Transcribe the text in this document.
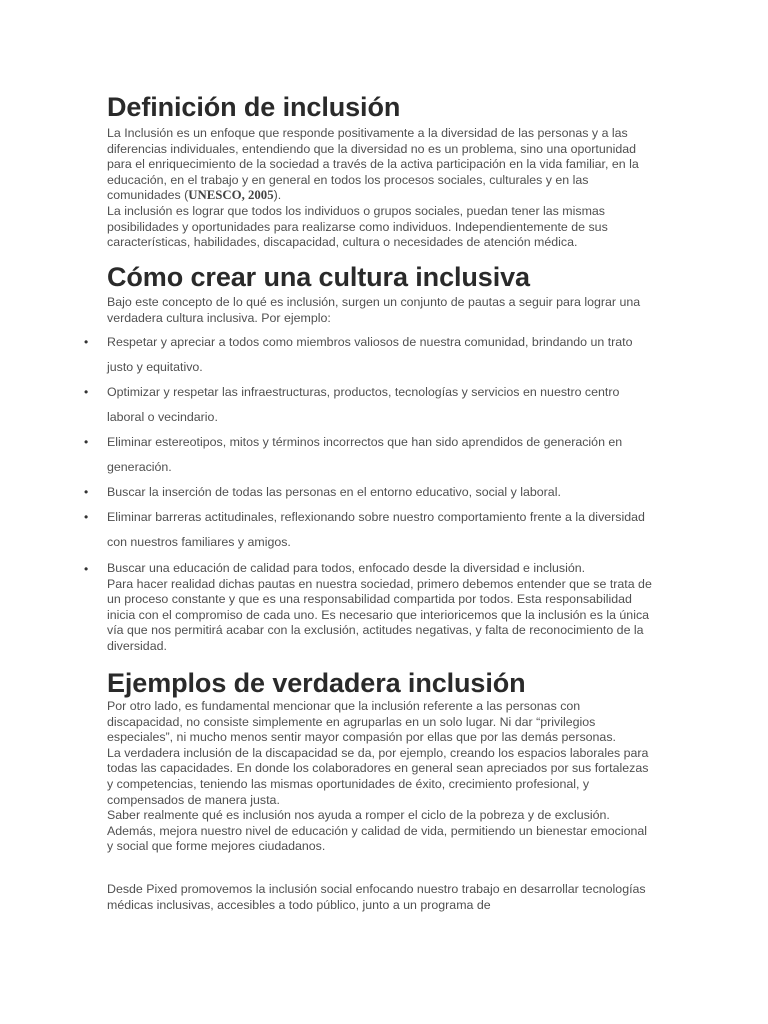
Definición de inclusión

La Inclusión es un enfoque que responde positivamente a la diversidad de las personas y a las diferencias individuales, entendiendo que la diversidad no es un problema, sino una oportunidad para el enriquecimiento de la sociedad a través de la activa participación en la vida familiar, en la educación, en el trabajo y en general en todos los procesos sociales, culturales y en las comunidades (UNESCO, 2005).

La inclusión es lograr que todos los individuos o grupos sociales, puedan tener las mismas posibilidades y oportunidades para realizarse como individuos. Independientemente de sus características, habilidades, discapacidad, cultura o necesidades de atención médica.

Cómo crear una cultura inclusiva

Bajo este concepto de lo qué es inclusión, surgen un conjunto de pautas a seguir para lograr una verdadera cultura inclusiva. Por ejemplo:

• Respetar y apreciar a todos como miembros valiosos de nuestra comunidad, brindando un trato justo y equitativo.
• Optimizar y respetar las infraestructuras, productos, tecnologías y servicios en nuestro centro laboral o vecindario.
• Eliminar estereotipos, mitos y términos incorrectos que han sido aprendidos de generación en generación.
• Buscar la inserción de todas las personas en el entorno educativo, social y laboral.
• Eliminar barreras actitudinales, reflexionando sobre nuestro comportamiento frente a la diversidad con nuestros familiares y amigos.

• Buscar una educación de calidad para todos, enfocado desde la diversidad e inclusión.

Para hacer realidad dichas pautas en nuestra sociedad, primero debemos entender que se trata de un proceso constante y que es una responsabilidad compartida por todos. Esta responsabilidad inicia con el compromiso de cada uno. Es necesario que interioricemos que la inclusión es la única vía que nos permitirá acabar con la exclusión, actitudes negativas, y falta de reconocimiento de la diversidad.

Ejemplos de verdadera inclusión

Por otro lado, es fundamental mencionar que la inclusión referente a las personas con discapacidad, no consiste simplemente en agruparlas en un solo lugar. Ni dar “privilegios especiales”, ni mucho menos sentir mayor compasión por ellas que por las demás personas.

La verdadera inclusión de la discapacidad se da, por ejemplo, creando los espacios laborales para todas las capacidades. En donde los colaboradores en general sean apreciados por sus fortalezas y competencias, teniendo las mismas oportunidades de éxito, crecimiento profesional, y compensados de manera justa.

Saber realmente qué es inclusión nos ayuda a romper el ciclo de la pobreza y de exclusión. Además, mejora nuestro nivel de educación y calidad de vida, permitiendo un bienestar emocional y social que forme mejores ciudadanos.

Desde Pixed promovemos la inclusión social enfocando nuestro trabajo en desarrollar tecnologías médicas inclusivas, accesibles a todo público, junto a un programa de
